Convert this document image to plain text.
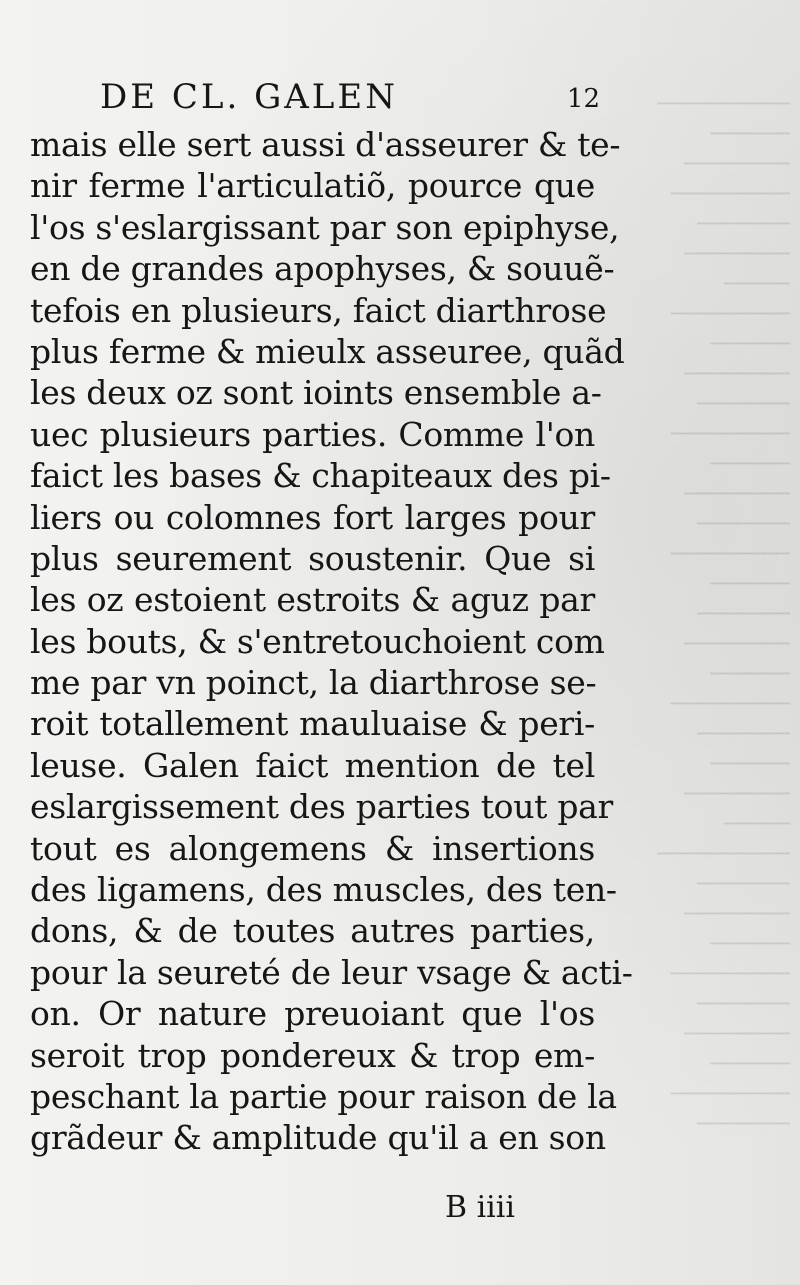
──────────
──────
────────
─────────
───────
────────
─────
─────────
──────
────────
───────
─────────
──────
────────
───────
─────────
──────
───────
────────
──────
─────────
───────
──────
────────
─────
──────────
───────
────────
──────
─────────
───────
────────
──────
─────────
───────

DE CL. GALEN	12
mais elle sert aussi d'asseurer & te-
nir ferme l'articulatiõ, pource que
l'os s'eslargissant par son epiphyse,
en de grandes apophyses, & souuẽ-
tefois en plusieurs, faict diarthrose
plus ferme & mieulx asseuree, quãd
les deux oz sont ioints ensemble a-
uec plusieurs parties. Comme l'on
faict les bases & chapiteaux des pi-
liers ou colomnes fort larges pour
plus seurement soustenir. Que si
les oz estoient estroits & aguz par
les bouts, & s'entretouchoient com
me par vn poinct, la diarthrose se-
roit totallement mauluaise & peri-
leuse. Galen faict mention de tel
eslargissement des parties tout par
tout es alongemens & insertions
des ligamens, des muscles, des ten-
dons, & de toutes autres parties,
pour la seureté de leur vsage & acti-
on. Or nature preuoiant que l'os
seroit trop pondereux & trop em-
peschant la partie pour raison de la
grãdeur & amplitude qu'il a en son
B iiii
